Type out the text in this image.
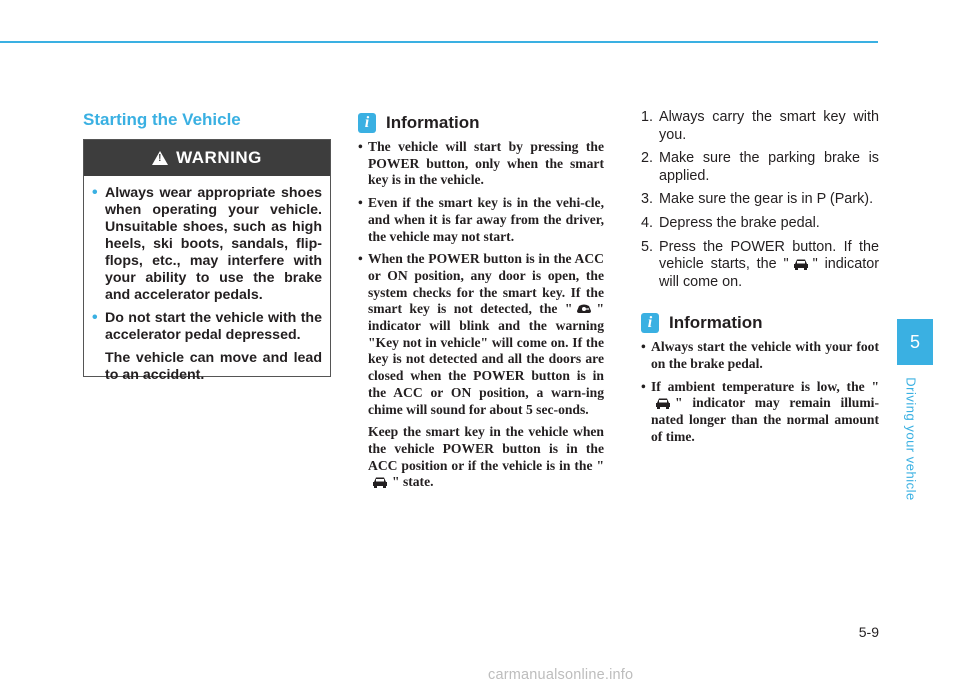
Starting the Vehicle
!
WARNING
• Always wear appropriate shoes when operating your vehicle. Unsuitable shoes, such as high heels, ski boots, sandals, flip-flops, etc., may interfere with your ability to use the brake and accelerator pedals.
• Do not start the vehicle with the accelerator pedal depressed.
The vehicle can move and lead to an accident.
i Information
• The vehicle will start by pressing the POWER button, only when the smart key is in the vehicle.
• Even if the smart key is in the vehi-cle, and when it is far away from the driver, the vehicle may not start.
• When the POWER button is in the ACC or ON position, any door is open, the system checks for the smart key. If the smart key is not detected, the " " indicator will blink and the warning "Key not in vehicle" will come on. If the key is not detected and all the doors are closed when the POWER button is in the ACC or ON position, a warn-ing chime will sound for about 5 sec-onds.
Keep the smart key in the vehicle when the vehicle POWER button is in the ACC position or if the vehicle is in the "" state.
1. Always carry the smart key with you.
2. Make sure the parking brake is applied.
3. Make sure the gear is in P (Park).
4. Depress the brake pedal.
5. Press the POWER button. If the vehicle starts, the " " indicator will come on.
i Information
• Always start the vehicle with your foot on the brake pedal.
• If ambient temperature is low, the "" indicator may remain illumi-nated longer than the normal amount of time.
5
Driving your vehicle
5-9
carmanualsonline.info
